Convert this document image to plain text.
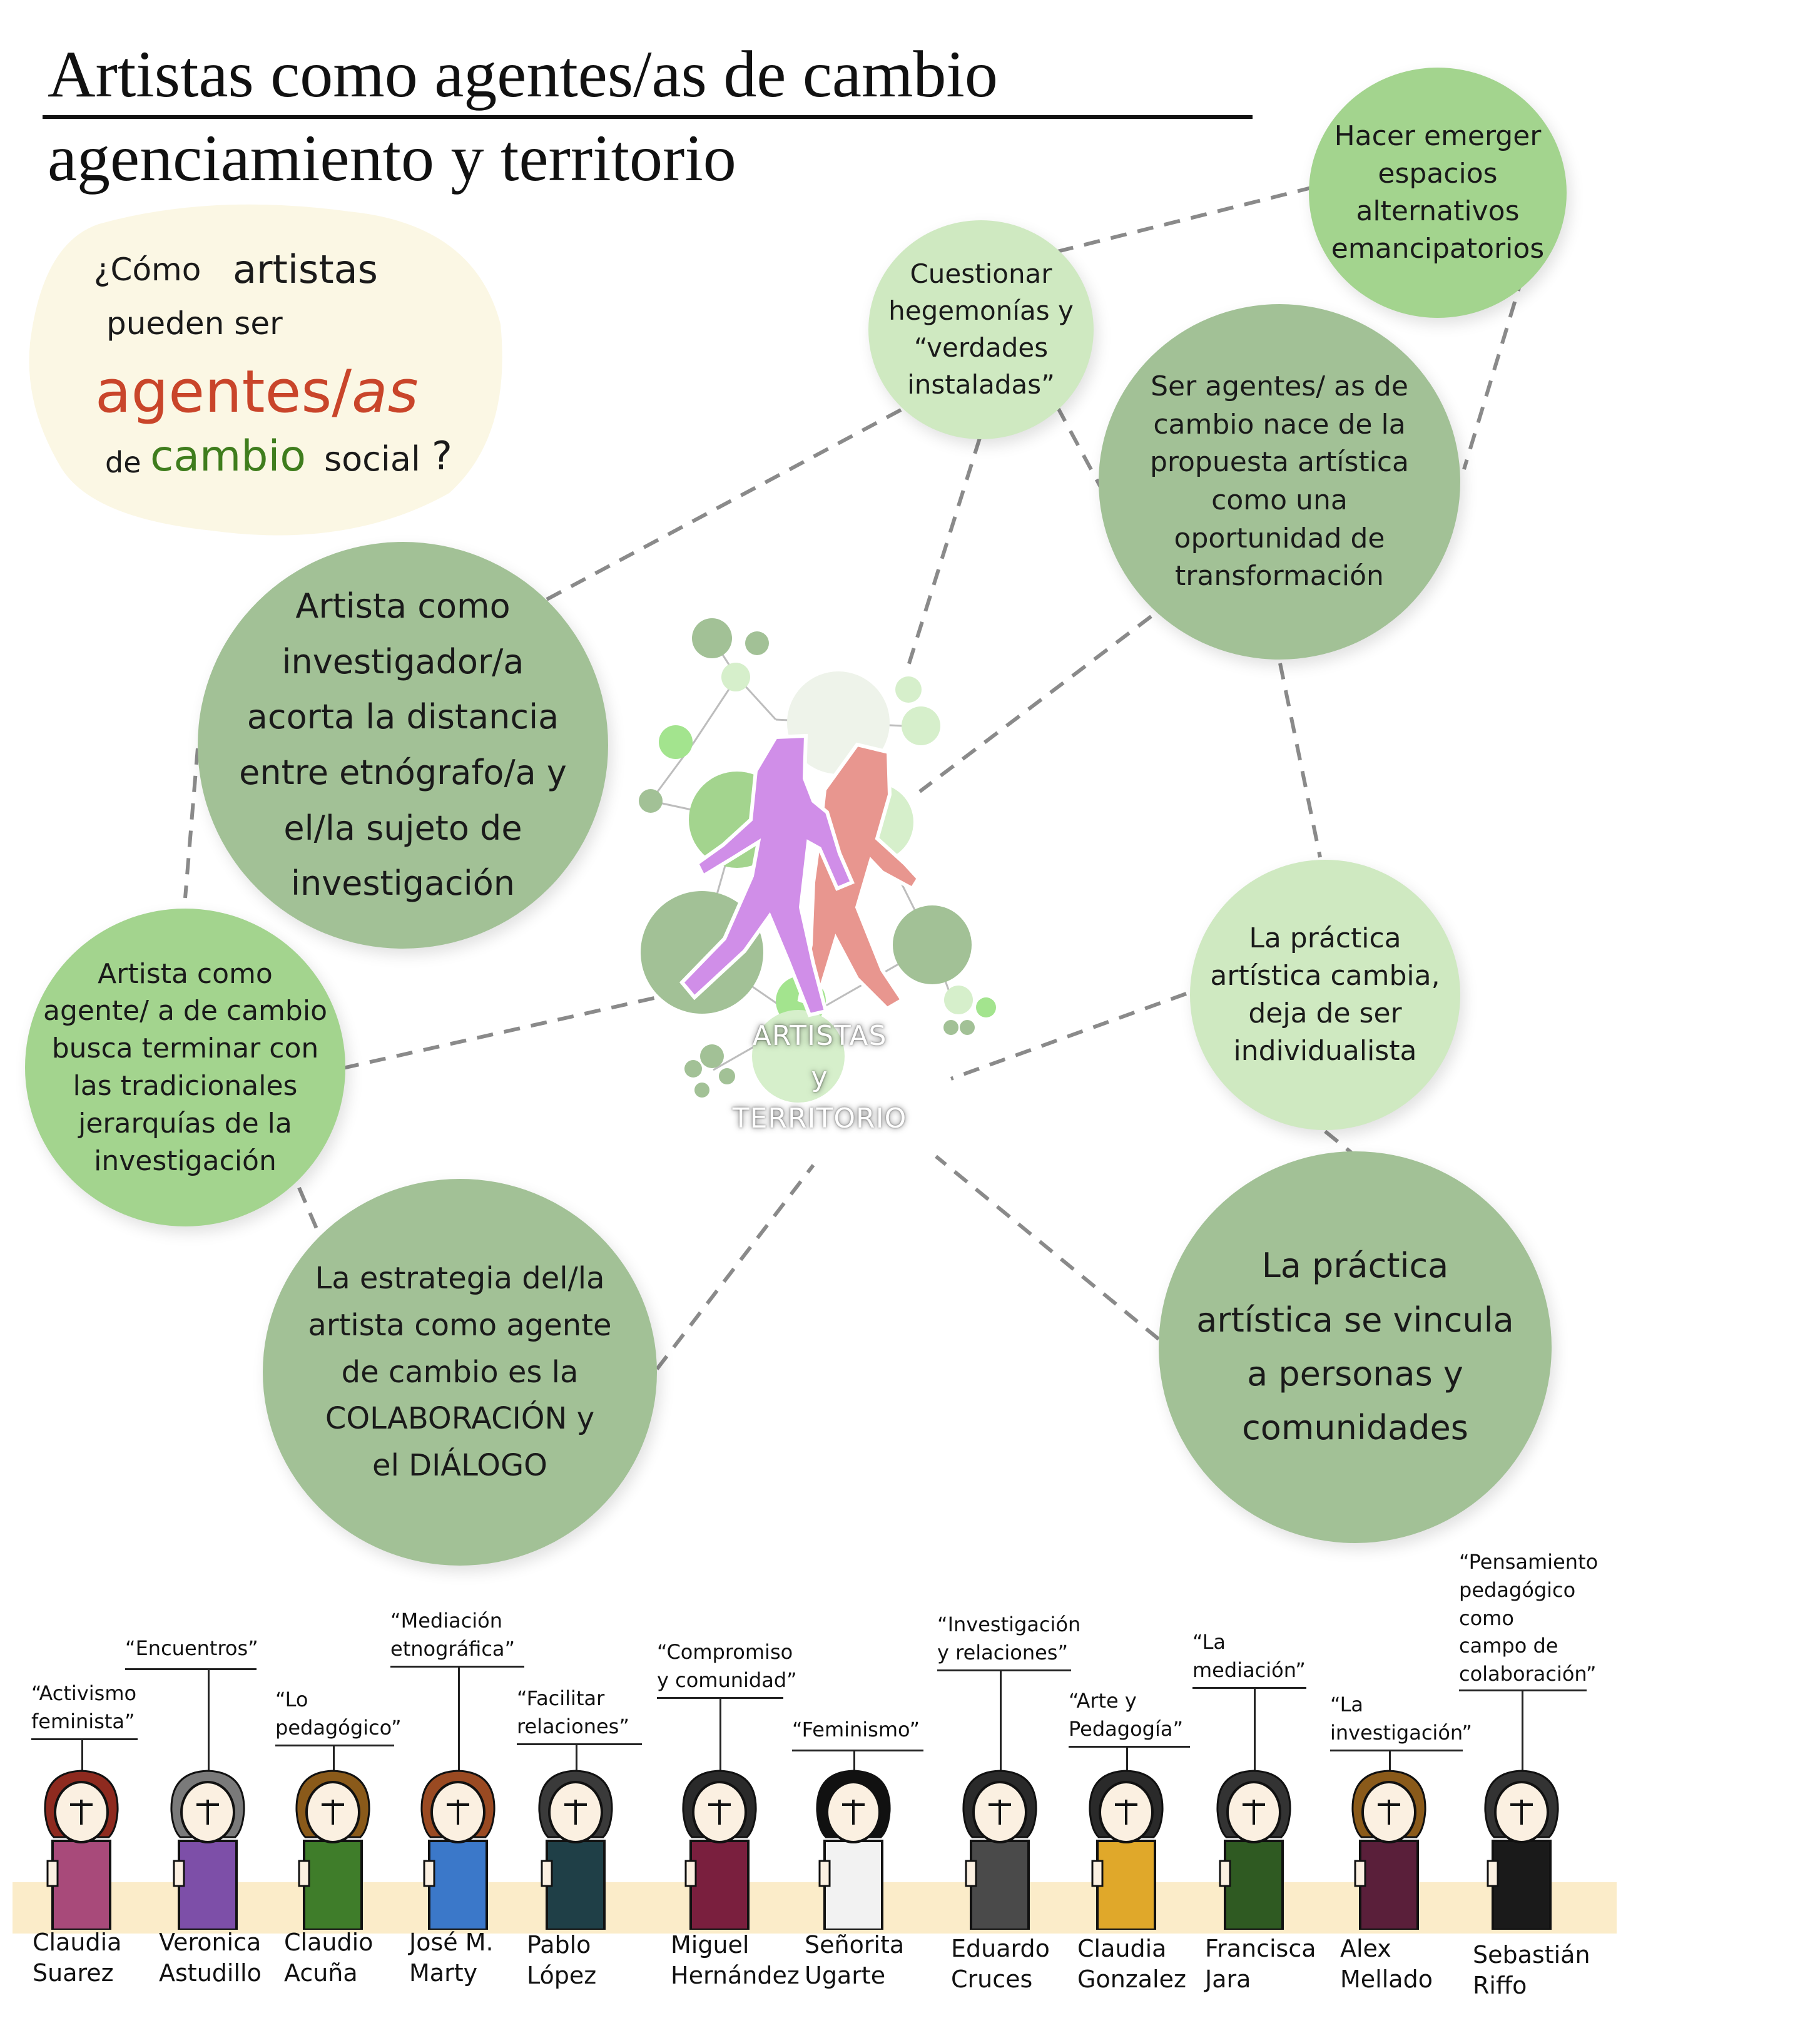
Artistas como agentes/as de cambio
agenciamiento y territorio
¿Cómo artistas
pueden ser
agentes/ as
de cambio social ?
Hacer emerger
espacios
alternativos
emancipatorios
Cuestionar
hegemonías y
“verdades
instaladas”	Ser agentes/ as de
cambio nace de la
propuesta artística
como una
oportunidad de
transformación
Artista como
investigador/a
acorta la distancia
entre etnógrafo/a y
el/la sujeto de
investigación
Artista como
agente/ a de cambio
busca terminar con
las tradicionales
jerarquías de la
investigación
La práctica
artística cambia,
deja de ser
individualista
La estrategia del/la
artista como agente
de cambio es la
COLABORACIÓN y
el DIÁLOGO
La práctica
artística se vincula
a personas y
comunidades
ARTISTAS
y
TERRITORIO
“Activismo
feminista”
Claudia
Suarez
“Encuentros”
Veronica
Astudillo
“Lo
pedagógico”
Claudio
Acuña
“Mediación
etnográfica”
José M.
Marty
“Facilitar
relaciones”
Pablo
López
“Compromiso
y comunidad”
Miguel
Hernández
“Feminismo”
Señorita
Ugarte
“Investigación
y relaciones”
Eduardo
Cruces
“Arte y
Pedagogía”
Claudia
Gonzalez
“La
mediación”
Francisca
Jara
“La
investigación”
Alex
Mellado
“Pensamiento
pedagógico
como
campo de
colaboración”
Sebastián
Riffo
